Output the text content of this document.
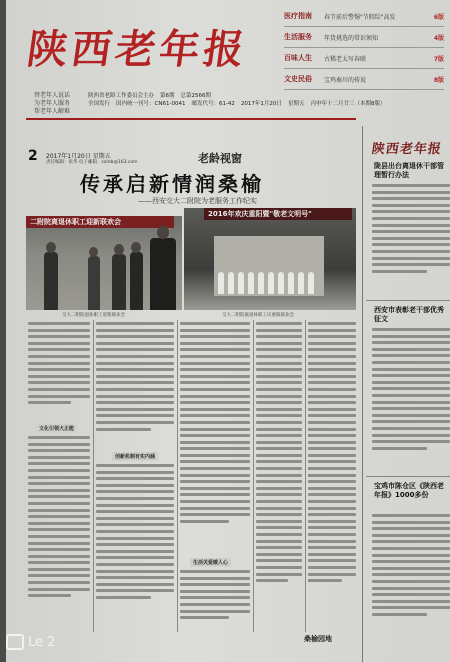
陕西老年报
替老年人说话
为老年人服务
帮老年人解难
陕西省老龄工作委员会主办 第6期 总第2566期
全国发行 国内统一刊号：CN61-0041 邮发代号：61-42 2017年1月20日 星期五 丙申年十二月廿三（本期8版）
医疗指南	春节前后警惕"节假综"高发	6版
生活服务	年货挑选的常识须知	4版
百味人生	古稀老太写春联	7版
文史民俗	宝鸡秦川的传说	8版
2 2017年1月20日 星期五
责任编辑：张华 电子邮箱：sxlnb@163.com	老龄视窗
传承启新情润桑榆
——西安交大二附院为老服务工作纪实
二附院离退休职工迎新联欢会
2016年欢庆重阳暨"敬老文明号"
交大二附院退休职工迎新联欢会	交大二附院离退休职工庆重阳联欢会
文化引领大正能
创新机制有实内涵
生活关爱暖人心
桑榆园地
陕西老年报
陇县出台离退休干部管理暂行办法
西安市表彰老干部优秀征文
宝鸡市陈仓区《陕西老年报》1000多份
Le 2
